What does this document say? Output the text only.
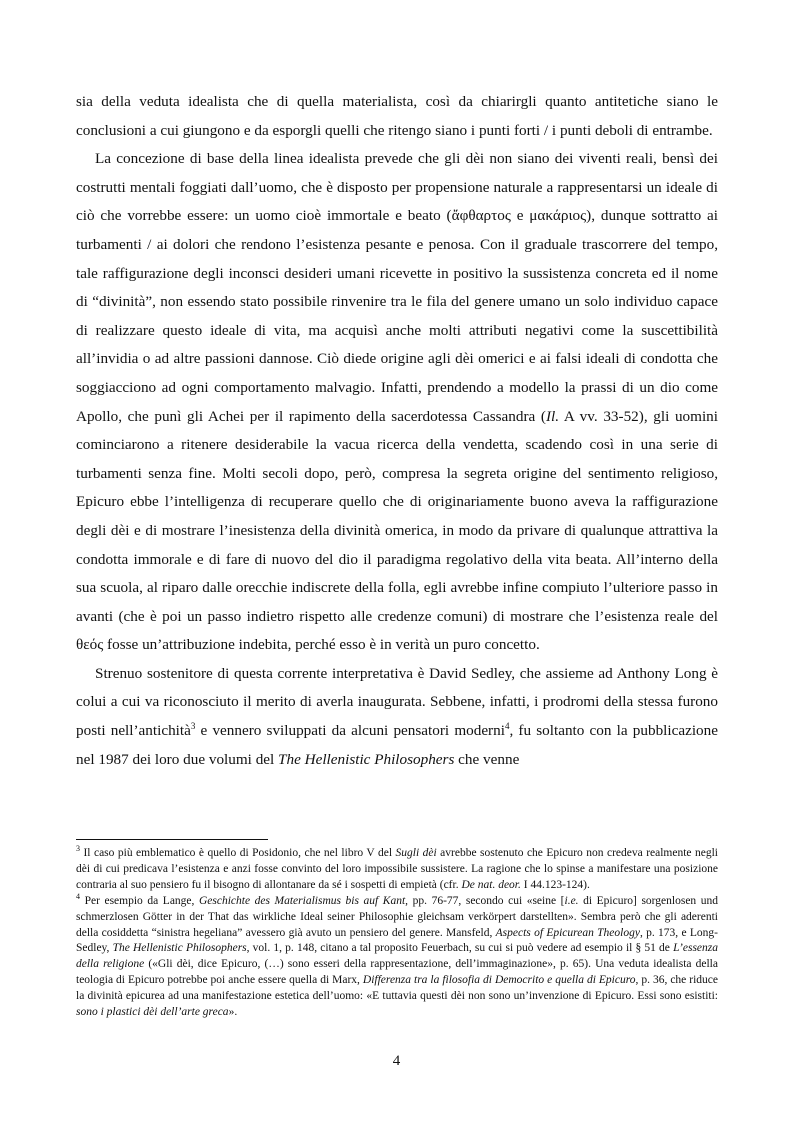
sia della veduta idealista che di quella materialista, così da chiarirgli quanto antitetiche siano le conclusioni a cui giungono e da esporgli quelli che ritengo siano i punti forti / i punti deboli di entrambe.

La concezione di base della linea idealista prevede che gli dèi non siano dei viventi reali, bensì dei costrutti mentali foggiati dall’uomo, che è disposto per propensione naturale a rappresentarsi un ideale di ciò che vorrebbe essere: un uomo cioè immortale e beato (ἄφθαρτος e μακάριος), dunque sottratto ai turbamenti / ai dolori che rendono l’esistenza pesante e penosa. Con il graduale trascorrere del tempo, tale raffigurazione degli inconsci desideri umani ricevette in positivo la sussistenza concreta ed il nome di “divinità”, non essendo stato possibile rinvenire tra le fila del genere umano un solo individuo capace di realizzare questo ideale di vita, ma acquisì anche molti attributi negativi come la suscettibilità all’invidia o ad altre passioni dannose. Ciò diede origine agli dèi omerici e ai falsi ideali di condotta che soggiacciono ad ogni comportamento malvagio. Infatti, prendendo a modello la prassi di un dio come Apollo, che punì gli Achei per il rapimento della sacerdotessa Cassandra (Il. A vv. 33-52), gli uomini cominciarono a ritenere desiderabile la vacua ricerca della vendetta, scadendo così in una serie di turbamenti senza fine. Molti secoli dopo, però, compresa la segreta origine del sentimento religioso, Epicuro ebbe l’intelligenza di recuperare quello che di originariamente buono aveva la raffigurazione degli dèi e di mostrare l’inesistenza della divinità omerica, in modo da privare di qualunque attrattiva la condotta immorale e di fare di nuovo del dio il paradigma regolativo della vita beata. All’interno della sua scuola, al riparo dalle orecchie indiscrete della folla, egli avrebbe infine compiuto l’ulteriore passo in avanti (che è poi un passo indietro rispetto alle credenze comuni) di mostrare che l’esistenza reale del θεός fosse un’attribuzione indebita, perché esso è in verità un puro concetto.

Strenuo sostenitore di questa corrente interpretativa è David Sedley, che assieme ad Anthony Long è colui a cui va riconosciuto il merito di averla inaugurata. Sebbene, infatti, i prodromi della stessa furono posti nell’antichità$^3$ e vennero sviluppati da alcuni pensatori moderni$^4$, fu soltanto con la pubblicazione nel 1987 dei loro due volumi del The Hellenistic Philosophers che venne

$^3$ Il caso più emblematico è quello di Posidonio, che nel libro V del Sugli dèi avrebbe sostenuto che Epicuro non credeva realmente negli dèi di cui predicava l’esistenza e anzi fosse convinto del loro impossibile sussistere. La ragione che lo spinse a manifestare una posizione contraria al suo pensiero fu il bisogno di allontanare da sé i sospetti di empietà (cfr. De nat. deor. I 44.123-124).

$^4$ Per esempio da Lange, Geschichte des Materialismus bis auf Kant, pp. 76-77, secondo cui «seine [i.e. di Epicuro] sorgenlosen und schmerzlosen Götter in der That das wirkliche Ideal seiner Philosophie gleichsam verkörpert darstellten». Sembra però che gli aderenti della cosiddetta “sinistra hegeliana” avessero già avuto un pensiero del genere. Mansfeld, Aspects of Epicurean Theology, p. 173, e Long-Sedley, The Hellenistic Philosophers, vol. 1, p. 148, citano a tal proposito Feuerbach, su cui si può vedere ad esempio il § 51 de L’essenza della religione («Gli dèi, dice Epicuro, (…) sono esseri della rappresentazione, dell’immaginazione», p. 65). Una veduta idealista della teologia di Epicuro potrebbe poi anche essere quella di Marx, Differenza tra la filosofia di Democrito e quella di Epicuro, p. 36, che riduce la divinità epicurea ad una manifestazione estetica dell’uomo: «E tuttavia questi dèi non sono un’invenzione di Epicuro. Essi sono esistiti: sono i plastici dèi dell’arte greca».

4
